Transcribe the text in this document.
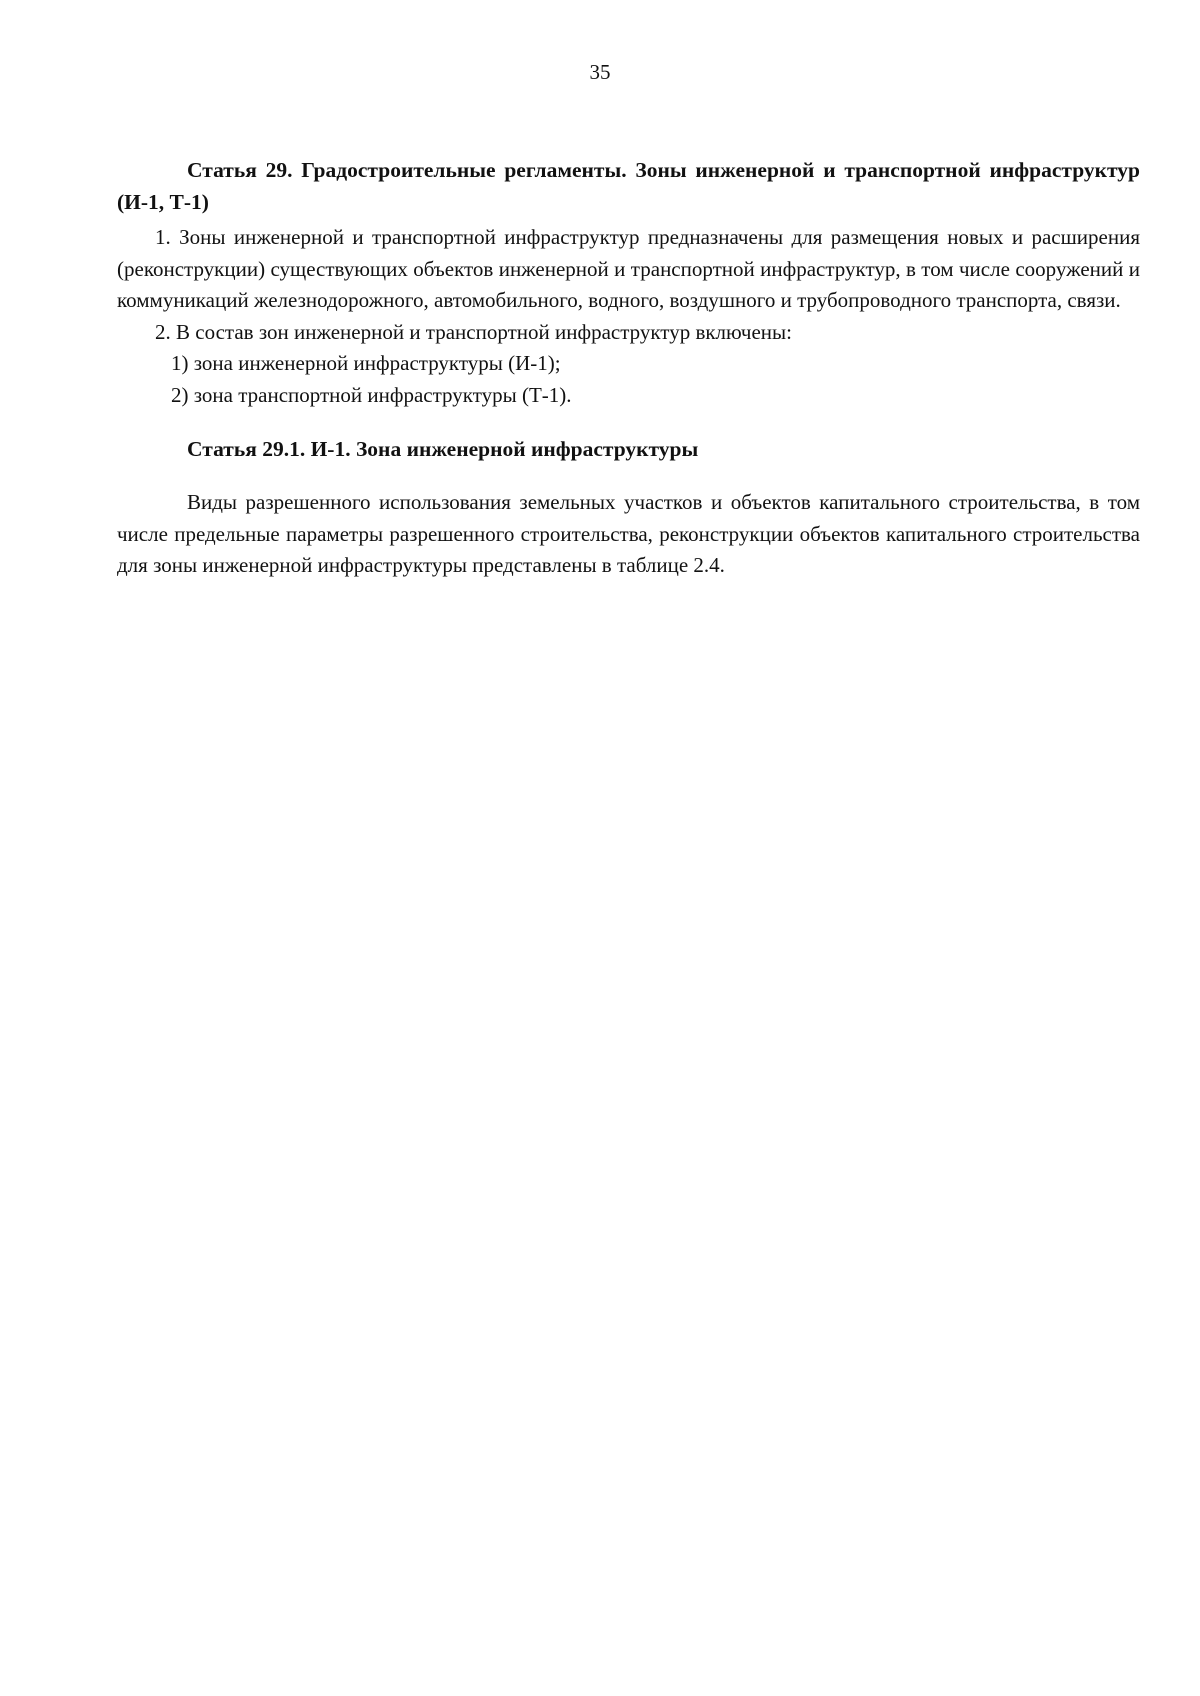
35

Статья 29. Градостроительные регламенты. Зоны инженерной и транспортной инфраструктур (И-1, Т-1)

1. Зоны инженерной и транспортной инфраструктур предназначены для размещения новых и расширения (реконструкции) существующих объектов инженерной и транспортной инфраструктур, в том числе сооружений и коммуникаций железнодорожного, автомобильного, водного, воздушного и трубопроводного транспорта, связи.

2. В состав зон инженерной и транспортной инфраструктур включены:

1) зона инженерной инфраструктуры (И-1);

2) зона транспортной инфраструктуры (Т-1).

Статья 29.1. И-1. Зона инженерной инфраструктуры

Виды разрешенного использования земельных участков и объектов капитального строительства, в том числе предельные параметры разрешенного строительства, реконструкции объектов капитального строительства для зоны инженерной инфраструктуры представлены в таблице 2.4.
